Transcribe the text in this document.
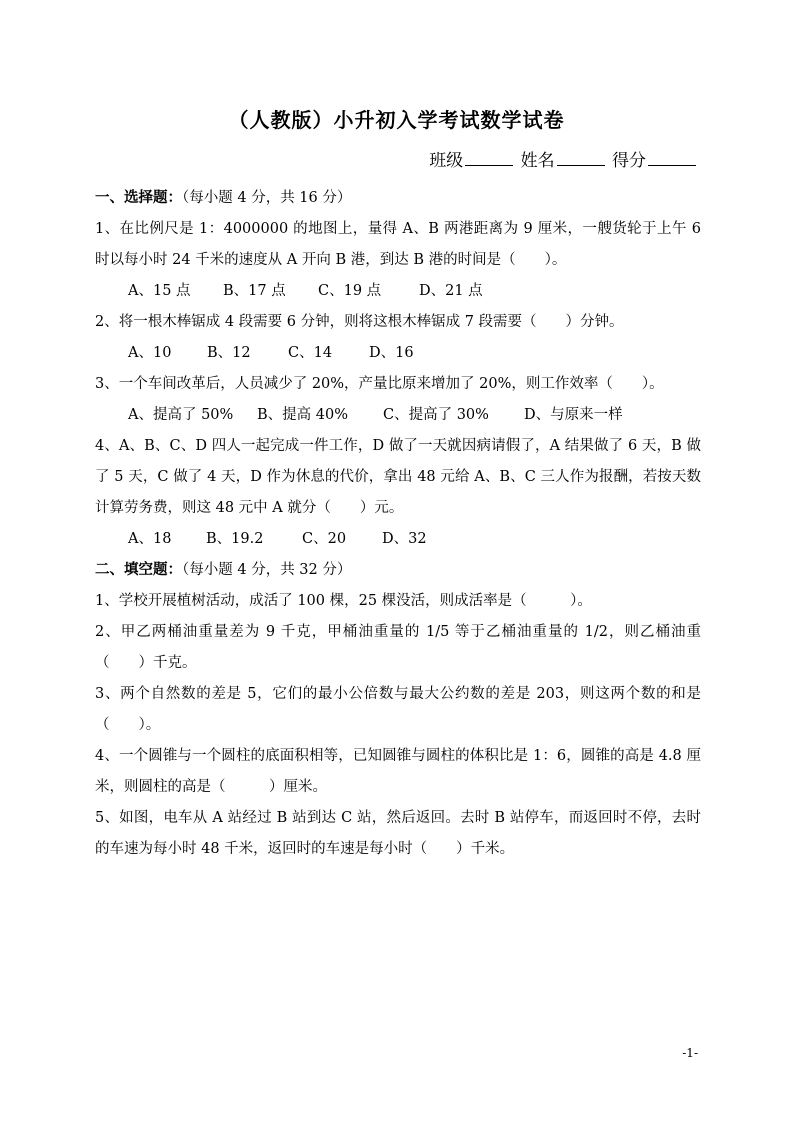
（人教版）小升初入学考试数学试卷
班级	姓名	得分
一、选择题：（每小题 4 分，共 16 分）
1、在比例尺是 1：4000000 的地图上，量得 A、B 两港距离为 9 厘米，一艘货轮于上午 6 时以每小时 24 千米的速度从 A 开向 B 港，到达 B 港的时间是（　　）。
A、15 点 B、17 点 C、19 点	D、21 点
2、将一根木棒锯成 4 段需要 6 分钟，则将这根木棒锯成 7 段需要（　　）分钟。
A、10 B、12	C、14	D、16
3、一个车间改革后，人员减少了 20%，产量比原来增加了 20%，则工作效率（　　）。
A、提高了 50% B、提高 40% C、提高了 30% D、与原来一样
4、A、B、C、D 四人一起完成一件工作，D 做了一天就因病请假了，A 结果做了 6 天，B 做了 5 天，C 做了 4 天，D 作为休息的代价，拿出 48 元给 A、B、C 三人作为报酬，若按天数计算劳务费，则这 48 元中 A 就分（　　）元。
A、18 B、19.2	C、20 D、32
二、填空题：（每小题 4 分，共 32 分）
1、学校开展植树活动，成活了 100 棵，25 棵没活，则成活率是（　　　）。
2、甲乙两桶油重量差为 9 千克，甲桶油重量的 1/5 等于乙桶油重量的 1/2，则乙桶油重（　　）千克。
3、两个自然数的差是 5，它们的最小公倍数与最大公约数的差是 203，则这两个数的和是（　　）。
4、一个圆锥与一个圆柱的底面积相等，已知圆锥与圆柱的体积比是 1：6，圆锥的高是 4.8 厘米，则圆柱的高是（　　　）厘米。
5、如图，电车从 A 站经过 B 站到达 C 站，然后返回。去时 B 站停车，而返回时不停，去时的车速为每小时 48 千米，返回时的车速是每小时（　　）千米。
-1-
